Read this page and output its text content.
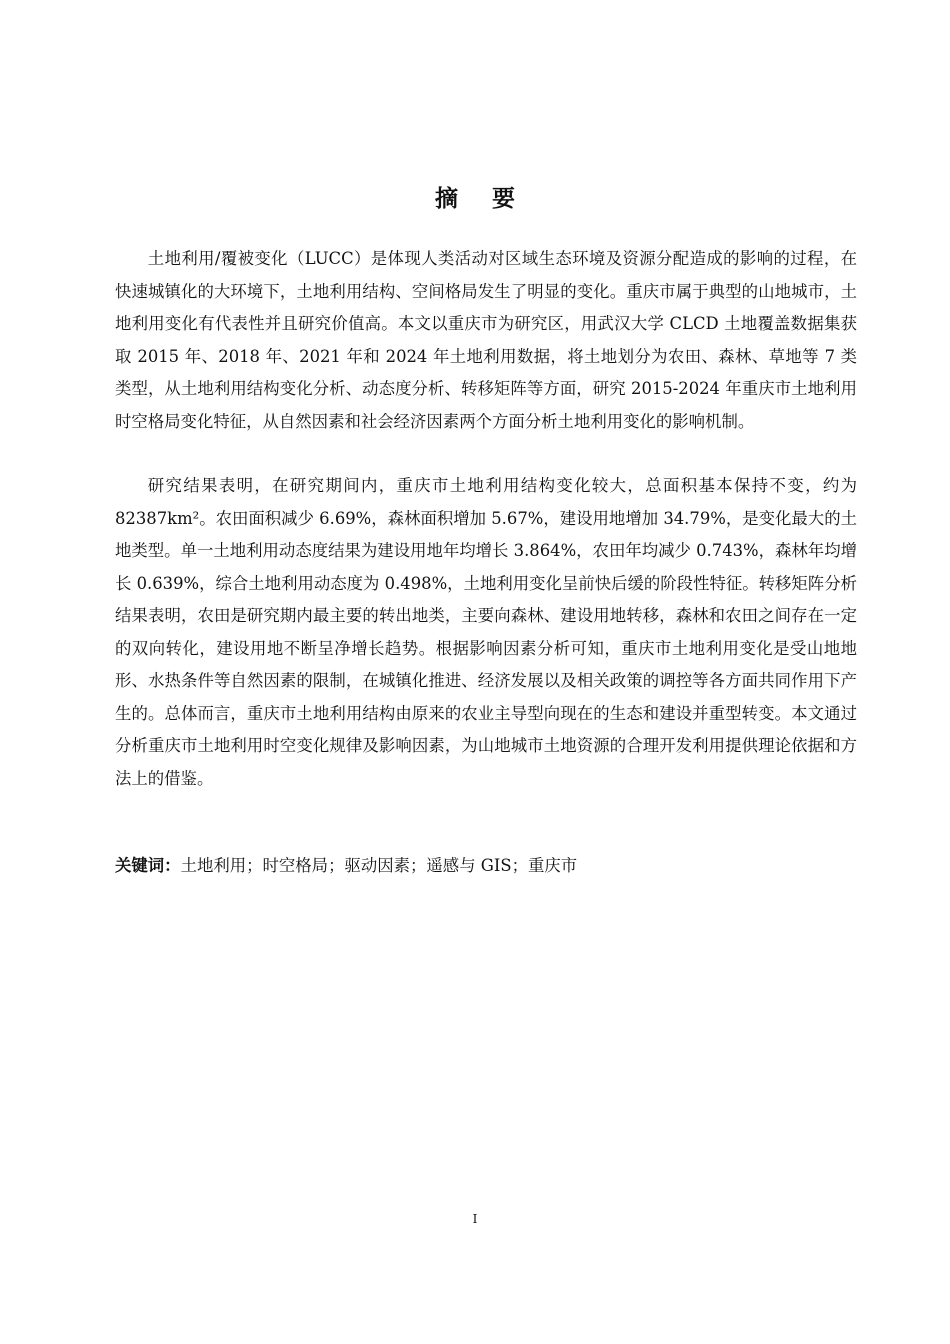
摘要

土地利用/覆被变化（LUCC）是体现人类活动对区域生态环境及资源分配造成的影响的过程，在快速城镇化的大环境下，土地利用结构、空间格局发生了明显的变化。重庆市属于典型的山地城市，土地利用变化有代表性并且研究价值高。本文以重庆市为研究区，用武汉大学 CLCD 土地覆盖数据集获取 2015 年、2018 年、2021 年和 2024 年土地利用数据，将土地划分为农田、森林、草地等 7 类类型，从土地利用结构变化分析、动态度分析、转移矩阵等方面，研究 2015-2024 年重庆市土地利用时空格局变化特征，从自然因素和社会经济因素两个方面分析土地利用变化的影响机制。

研究结果表明，在研究期间内，重庆市土地利用结构变化较大，总面积基本保持不变，约为 82387km²。农田面积减少 6.69%，森林面积增加 5.67%，建设用地增加 34.79%，是变化最大的土地类型。单一土地利用动态度结果为建设用地年均增长 3.864%，农田年均减少 0.743%，森林年均增长 0.639%，综合土地利用动态度为 0.498%，土地利用变化呈前快后缓的阶段性特征。转移矩阵分析结果表明，农田是研究期内最主要的转出地类，主要向森林、建设用地转移，森林和农田之间存在一定的双向转化，建设用地不断呈净增长趋势。根据影响因素分析可知，重庆市土地利用变化是受山地地形、水热条件等自然因素的限制，在城镇化推进、经济发展以及相关政策的调控等各方面共同作用下产生的。总体而言，重庆市土地利用结构由原来的农业主导型向现在的生态和建设并重型转变。本文通过分析重庆市土地利用时空变化规律及影响因素，为山地城市土地资源的合理开发利用提供理论依据和方法上的借鉴。

关键词：土地利用；时空格局；驱动因素；遥感与 GIS；重庆市

I
